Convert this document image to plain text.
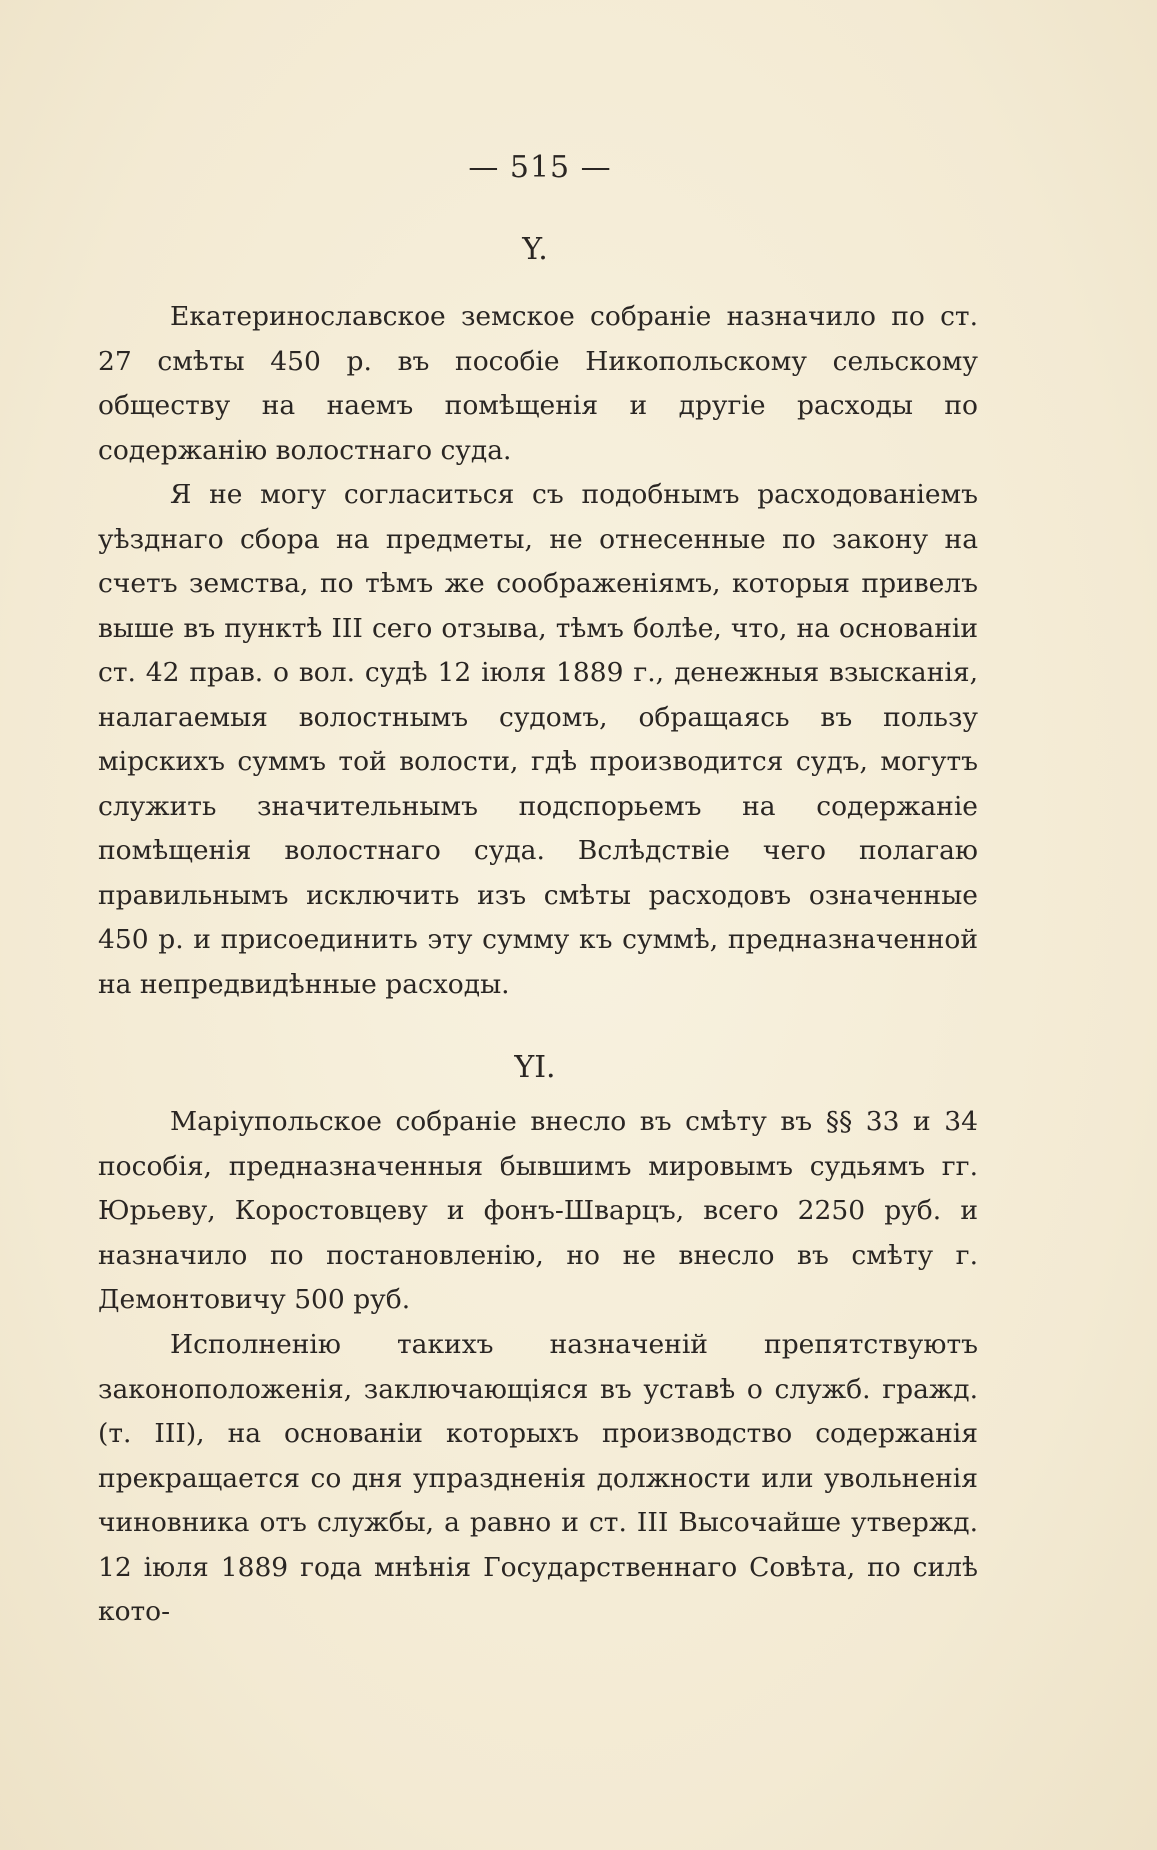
— 515 —
Y.
Екатеринославское земское собраніе назначило по ст. 27 смѣты 450 р. въ пособіе Никопольскому сельскому обществу на наемъ помѣщенія и другіе расходы по содержанію волостнаго суда.
Я не могу согласиться съ подобнымъ расходованіемъ уѣзднаго сбора на предметы, не отнесенные по закону на счетъ земства, по тѣмъ же соображеніямъ, которыя привелъ выше въ пунктѣ III сего отзыва, тѣмъ болѣе, что, на основаніи ст. 42 прав. о вол. судѣ 12 іюля 1889 г., денежныя взысканія, налагаемыя волостнымъ судомъ, обращаясь въ пользу мірскихъ суммъ той волости, гдѣ производится судъ, могутъ служить значительнымъ подспорьемъ на содержаніе помѣщенія волостнаго суда. Вслѣдствіе чего полагаю правильнымъ исключить изъ смѣты расходовъ означенные 450 р. и присоединить эту сумму къ суммѣ, предназначенной на непредвидѣнные расходы.
YI.
Маріупольское собраніе внесло въ смѣту въ §§ 33 и 34 пособія, предназначенныя бывшимъ мировымъ судьямъ гг. Юрьеву, Коростовцеву и фонъ-Шварцъ, всего 2250 руб. и назначило по постановленію, но не внесло въ смѣту г. Демонтовичу 500 руб.
Исполненію такихъ назначеній препятствуютъ законоположенія, заключающіяся въ уставѣ о служб. гражд. (т. III), на основаніи которыхъ производство содержанія прекращается со дня упраздненія должности или увольненія чиновника отъ службы, а равно и ст. III Высочайше утвержд. 12 іюля 1889 года мнѣнія Государственнаго Совѣта, по силѣ кото-
